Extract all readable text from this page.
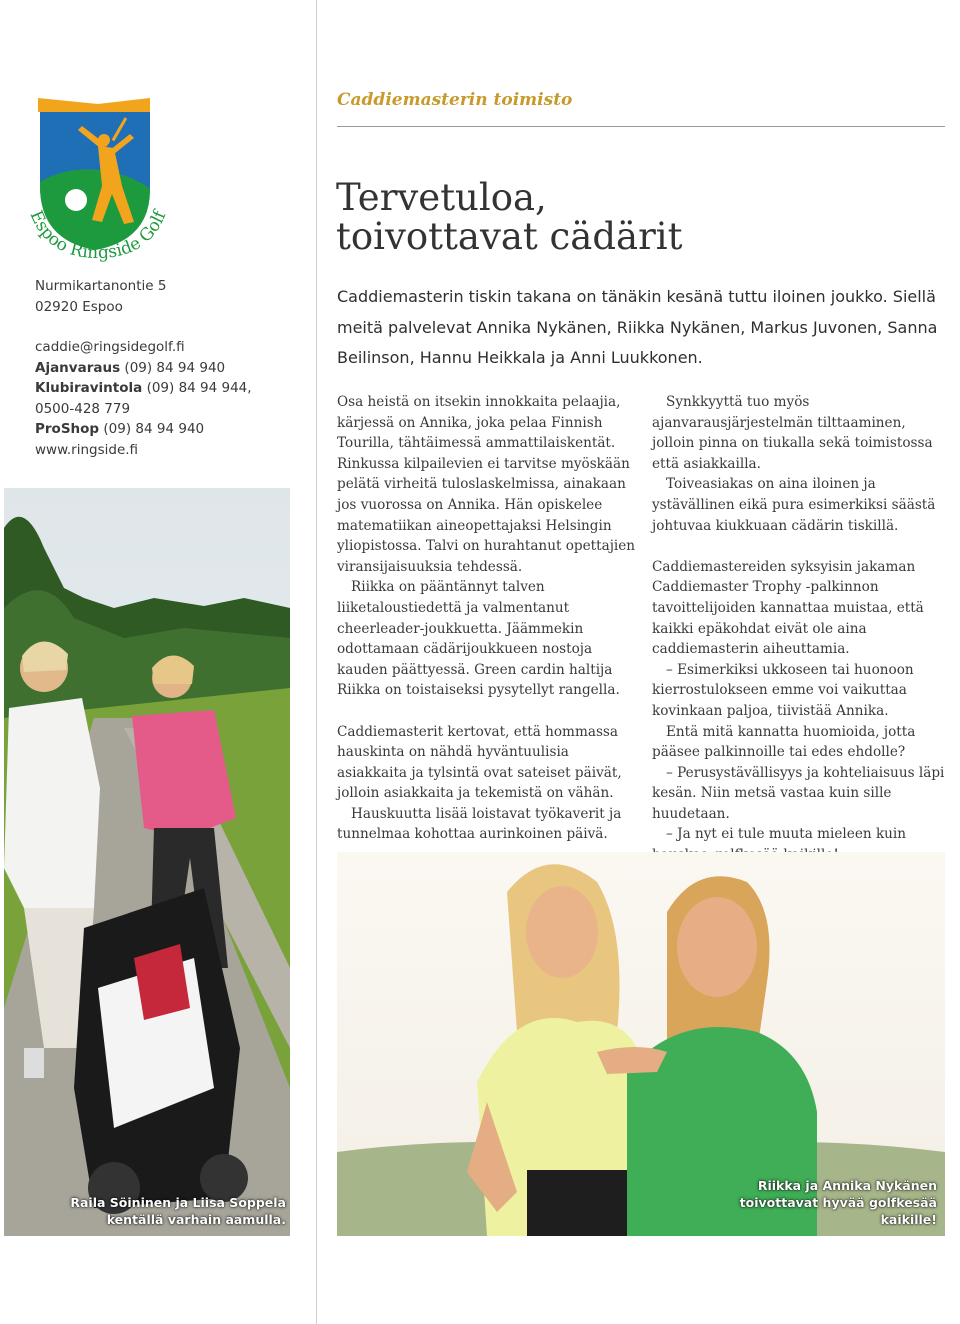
Espoo Ringside Golf
Nurmikartanontie 5
02920 Espoo
caddie@ringsidegolf.fi
Ajanvaraus (09) 84 94 940
Klubiravintola (09) 84 94 944,
0500-428 779
ProShop (09) 84 94 940
www.ringside.fi
Raila Söininen ja Liisa Soppela kentällä varhain aamulla.
Caddiemasterin toimisto
Tervetuloa,
toivottavat cädärit
Caddiemasterin tiskin takana on tänäkin kesänä tuttu iloinen joukko. Siellä meitä palvelevat Annika Nykänen, Riikka Nykänen, Markus Juvonen, Sanna Beilinson, Hannu Heikkala ja Anni Luukkonen.

Osa heistä on itsekin innokkaita pelaajia, kärjessä on Annika, joka pelaa Finnish Tourilla, tähtäimessä ammattilaiskentät. Rinkussa kilpailevien ei tarvitse myöskään pelätä virheitä tuloslaskelmissa, ainakaan jos vuorossa on Annika. Hän opiskelee matematiikan aineopettajaksi Helsingin yliopistossa. Talvi on hurahtanut opettajien viransijaisuuksia tehdessä.

Riikka on pääntännyt talven liiketaloustiedettä ja valmentanut cheerleader-joukkuetta. Jäämmekin odottamaan cädärijoukkueen nostoja kauden päättyessä. Green cardin haltija Riikka on toistaiseksi pysytellyt rangella.

Caddiemasterit kertovat, että hommassa hauskinta on nähdä hyväntuulisia asiakkaita ja tylsintä ovat sateiset päivät, jolloin asiakkaita ja tekemistä on vähän.

Hauskuutta lisää loistavat työkaverit ja tunnelmaa kohottaa aurinkoinen päivä.

Synkkyyttä tuo myös ajanvarausjärjestelmän tilttaaminen, jolloin pinna on tiukalla sekä toimistossa että asiakkailla.

Toiveasiakas on aina iloinen ja ystävällinen eikä pura esimerkiksi säästä johtuvaa kiukkuaan cädärin tiskillä.

Caddiemastereiden syksyisin jakaman Caddiemaster Trophy -palkinnon tavoittelijoiden kannattaa muistaa, että kaikki epäkohdat eivät ole aina caddiemasterin aiheuttamia.

– Esimerkiksi ukkoseen tai huonoon kierrostulokseen emme voi vaikuttaa kovinkaan paljoa, tiivistää Annika.

Entä mitä kannatta huomioida, jotta pääsee palkinnoille tai edes ehdolle?

– Perusystävällisyys ja kohteliaisuus läpi kesän. Niin metsä vastaa kuin sille huudetaan.

– Ja nyt ei tule muuta mieleen kuin

Riikka ja Annika Nykänen toivottavat hyvää golfkesää kaikille!
